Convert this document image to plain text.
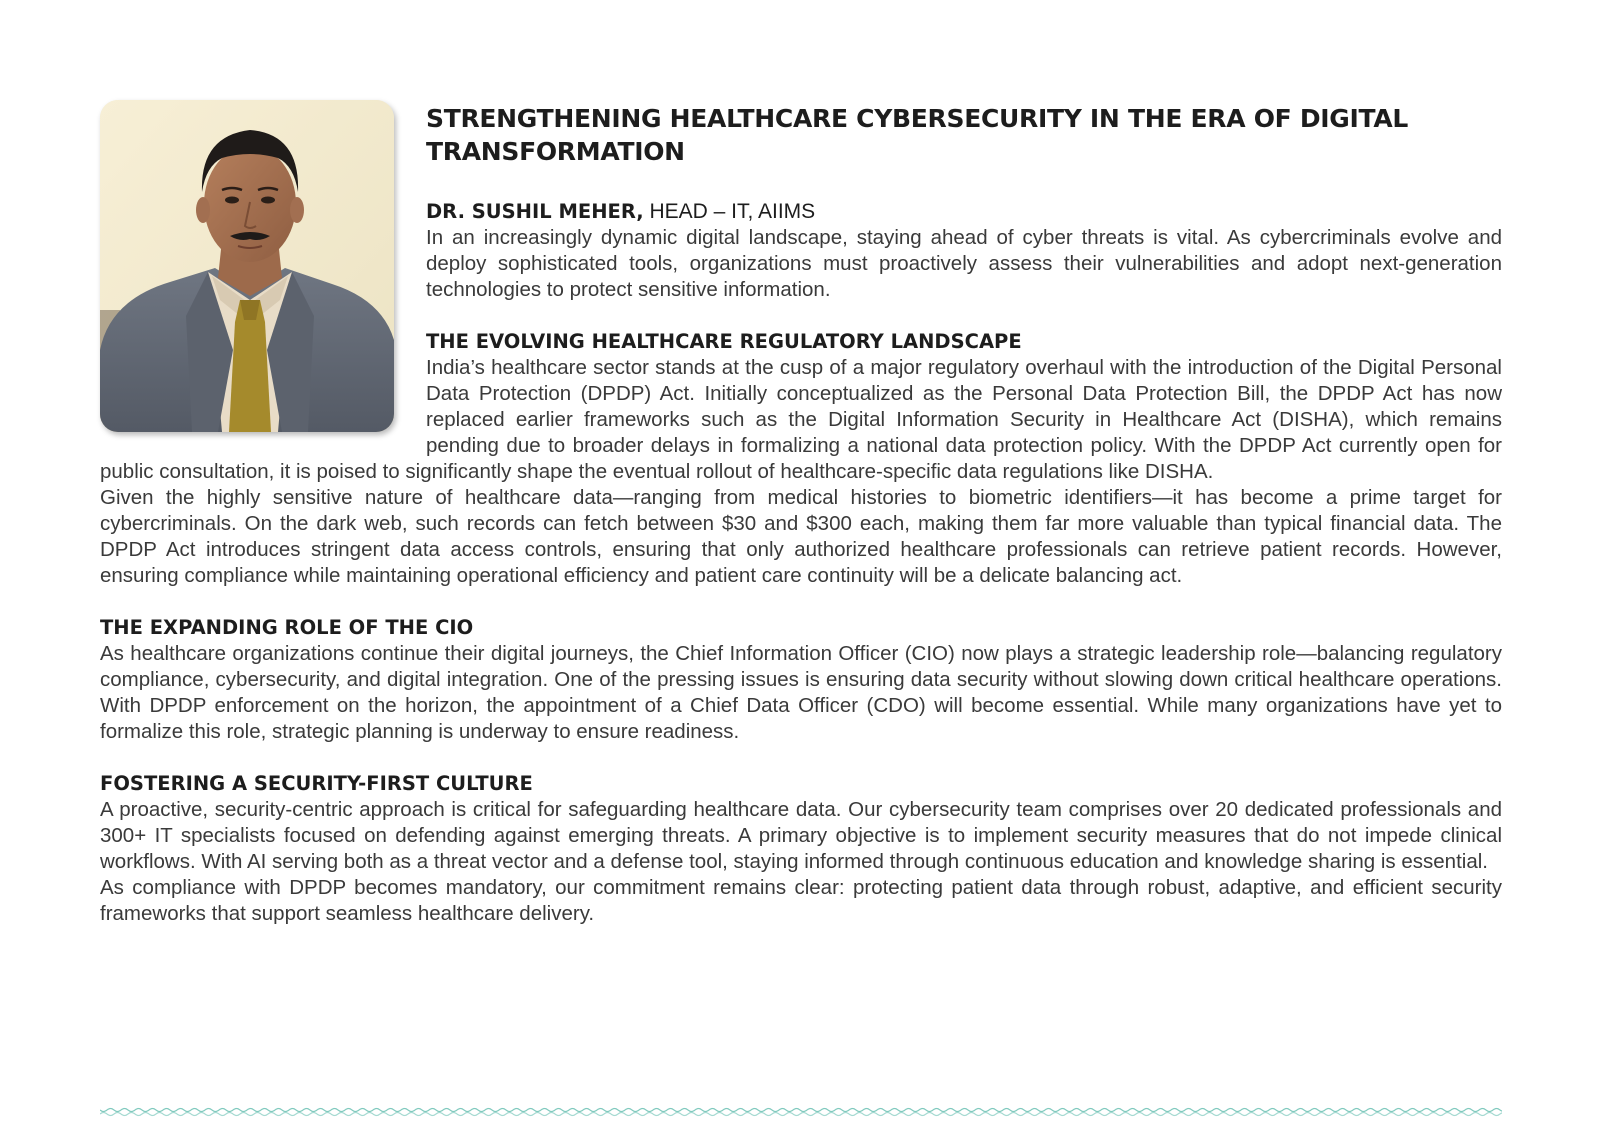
STRENGTHENING HEALTHCARE CYBERSECURITY IN THE ERA OF DIGITAL TRANSFORMATION
DR. SUSHIL MEHER, HEAD – IT, AIIMS

In an increasingly dynamic digital landscape, staying ahead of cyber threats is vital. As cybercriminals evolve and deploy sophisticated tools, organizations must proactively assess their vulnerabilities and adopt next-generation technologies to protect sensitive information.

THE EVOLVING HEALTHCARE REGULATORY LANDSCAPE

India’s healthcare sector stands at the cusp of a major regulatory overhaul with the introduction of the Digital Personal Data Protection (DPDP) Act. Initially conceptualized as the Personal Data Protection Bill, the DPDP Act has now replaced earlier frameworks such as the Digital Information Security in Healthcare Act (DISHA), which remains pending due to broader delays in formalizing a national data protection policy. With the DPDP Act currently open for public consultation, it is poised to significantly shape the eventual rollout of healthcare-specific data regulations like DISHA.

Given the highly sensitive nature of healthcare data—ranging from medical histories to biometric identifiers—it has become a prime target for cybercriminals. On the dark web, such records can fetch between $30 and $300 each, making them far more valuable than typical financial data. The DPDP Act introduces stringent data access controls, ensuring that only authorized healthcare professionals can retrieve patient records. However, ensuring compliance while maintaining operational efficiency and patient care continuity will be a delicate balancing act.

THE EXPANDING ROLE OF THE CIO

As healthcare organizations continue their digital journeys, the Chief Information Officer (CIO) now plays a strategic leadership role—balancing regulatory compliance, cybersecurity, and digital integration. One of the pressing issues is ensuring data security without slowing down critical healthcare operations. With DPDP enforcement on the horizon, the appointment of a Chief Data Officer (CDO) will become essential. While many organizations have yet to formalize this role, strategic planning is underway to ensure readiness.

FOSTERING A SECURITY-FIRST CULTURE

A proactive, security-centric approach is critical for safeguarding healthcare data. Our cybersecurity team comprises over 20 dedicated professionals and 300+ IT specialists focused on defending against emerging threats. A primary objective is to implement security measures that do not impede clinical workflows. With AI serving both as a threat vector and a defense tool, staying informed through continuous education and knowledge sharing is essential.

As compliance with DPDP becomes mandatory, our commitment remains clear: protecting patient data through robust, adaptive, and efficient security frameworks that support seamless healthcare delivery.
